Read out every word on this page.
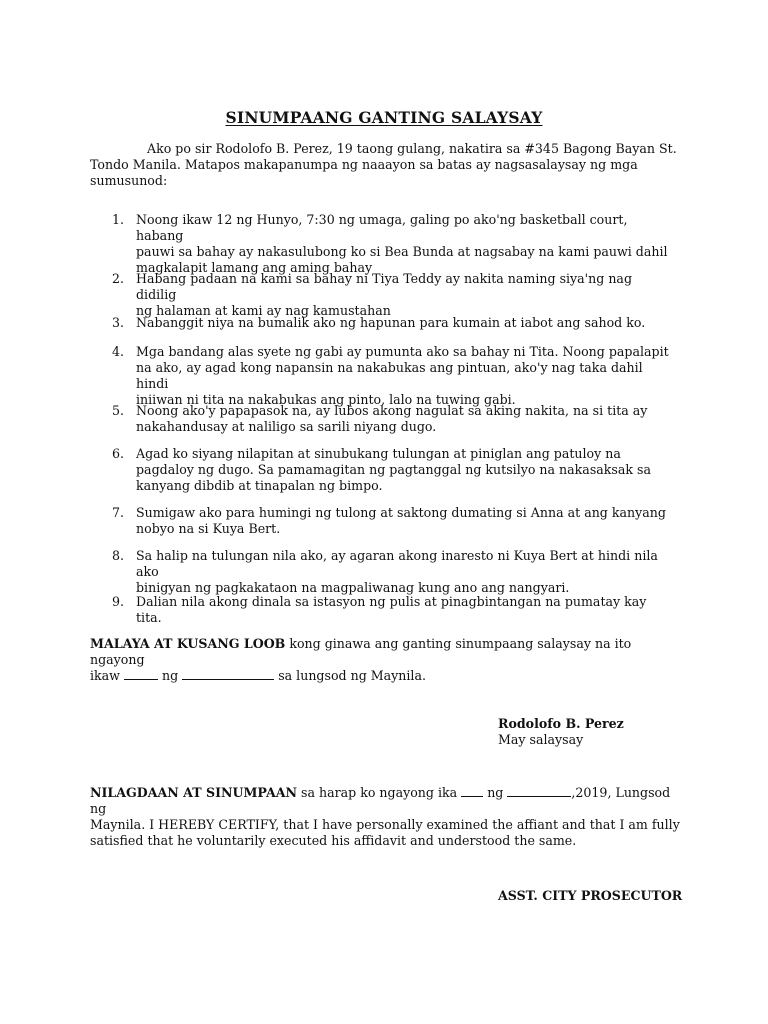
SINUMPAANG GANTING SALAYSAY
Ako po sir Rodolofo B. Perez, 19 taong gulang, nakatira sa #345 Bagong Bayan St.
Tondo Manila. Matapos makapanumpa ng naaayon sa batas ay nagsasalaysay ng mga
sumusunod:
1. Noong ikaw 12 ng Hunyo, 7:30 ng umaga, galing po ako'ng basketball court, habang
pauwi sa bahay ay nakasulubong ko si Bea Bunda at nagsabay na kami pauwi dahil
magkalapit lamang ang aming bahay
2. Habang padaan na kami sa bahay ni Tiya Teddy ay nakita naming siya'ng nag didilig
ng halaman at kami ay nag kamustahan
3. Nabanggit niya na bumalik ako ng hapunan para kumain at iabot ang sahod ko.
4. Mga bandang alas syete ng gabi ay pumunta ako sa bahay ni Tita. Noong papalapit
na ako, ay agad kong napansin na nakabukas ang pintuan, ako'y nag taka dahil hindi
iniiwan ni tita na nakabukas ang pinto, lalo na tuwing gabi.
5. Noong ako'y papapasok na, ay lubos akong nagulat sa aking nakita, na si tita ay
nakahandusay at naliligo sa sarili niyang dugo.
6. Agad ko siyang nilapitan at sinubukang tulungan at piniglan ang patuloy na
pagdaloy ng dugo. Sa pamamagitan ng pagtanggal ng kutsilyo na nakasaksak sa
kanyang dibdib at tinapalan ng bimpo.
7. Sumigaw ako para humingi ng tulong at saktong dumating si Anna at ang kanyang
nobyo na si Kuya Bert.
8. Sa halip na tulungan nila ako, ay agaran akong inaresto ni Kuya Bert at hindi nila ako
binigyan ng pagkakataon na magpaliwanag kung ano ang nangyari.
9. Dalian nila akong dinala sa istasyon ng pulis at pinagbintangan na pumatay kay tita.
MALAYA AT KUSANG LOOB kong ginawa ang ganting sinumpaang salaysay na ito ngayong
ikaw	ng	sa lungsod ng Maynila.
Rodolofo B. Perez
May salaysay
NILAGDAAN AT SINUMPAAN sa harap ko ngayong ika ng	,2019, Lungsod ng
Maynila. I HEREBY CERTIFY, that I have personally examined the affiant and that I am fully
satisfied that he voluntarily executed his affidavit and understood the same.
ASST. CITY PROSECUTOR
